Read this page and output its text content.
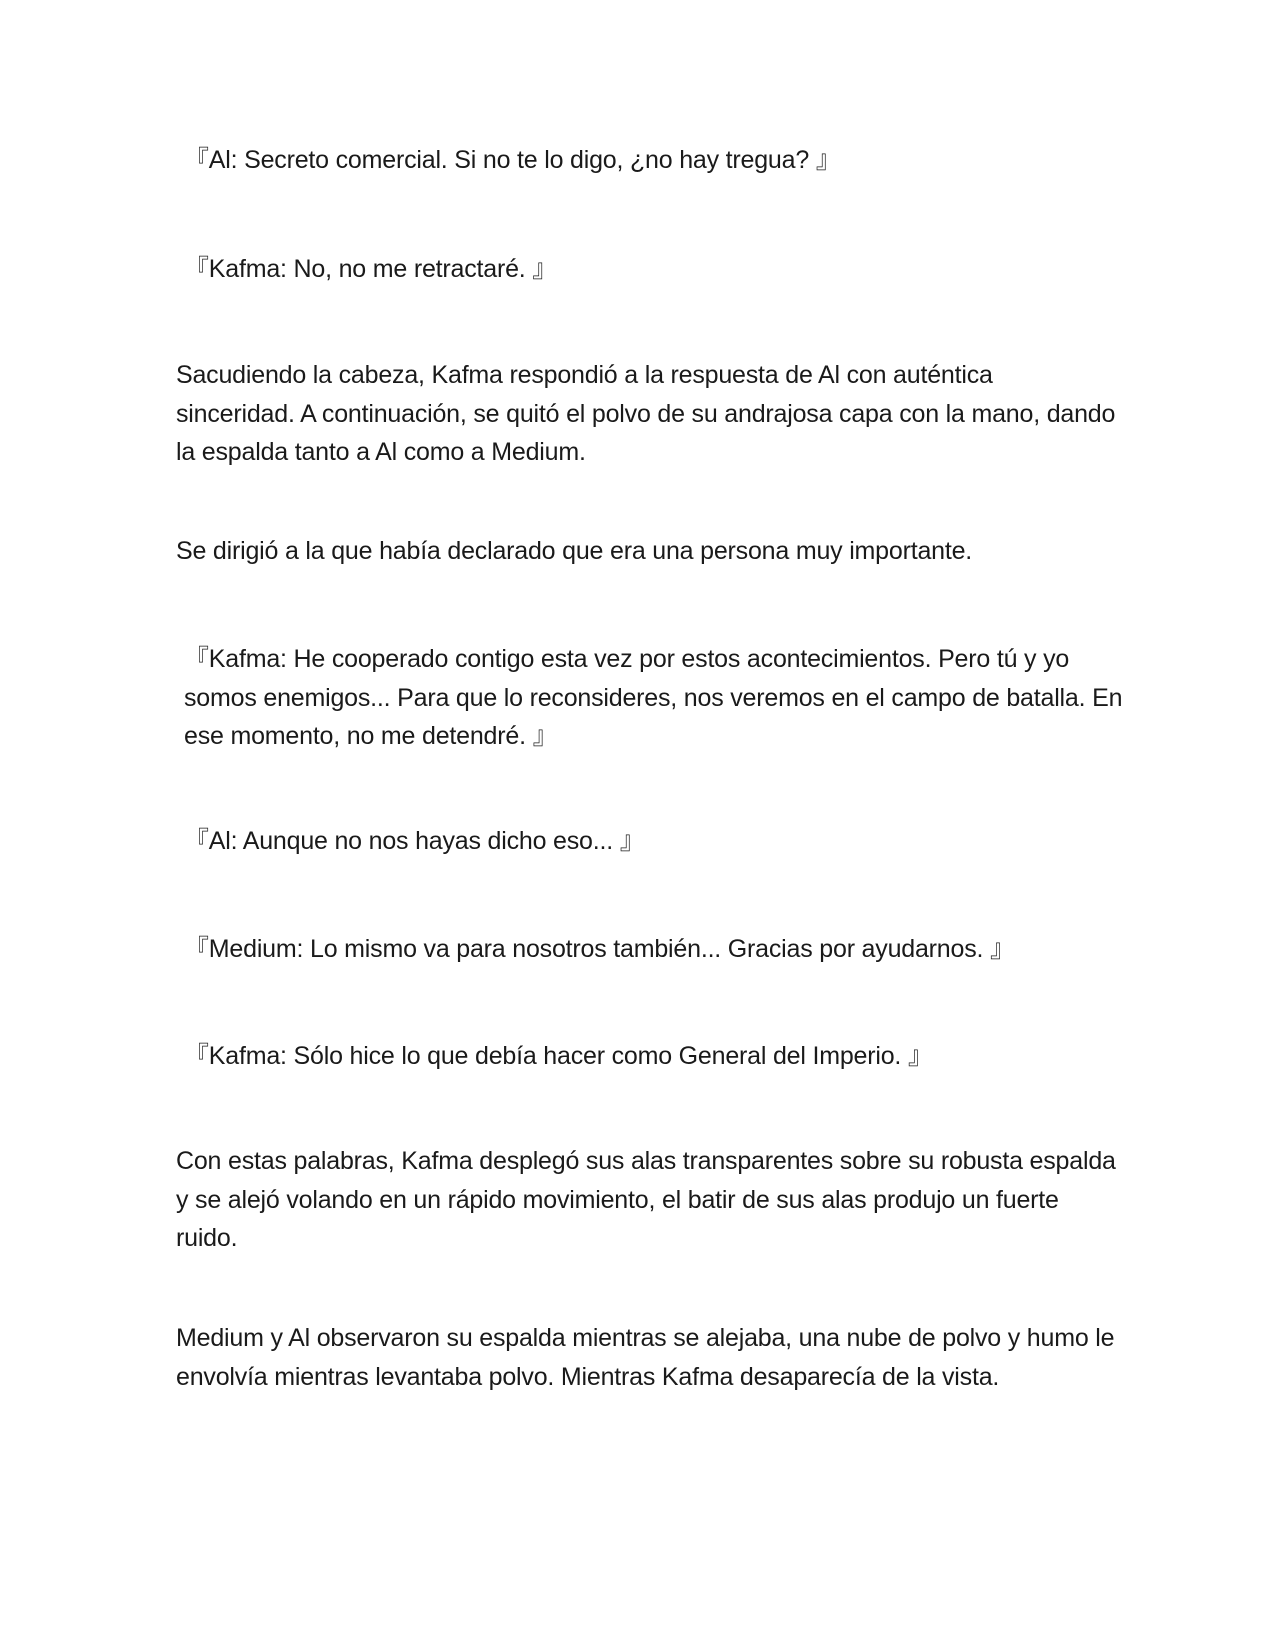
『Al: Secreto comercial. Si no te lo digo, ¿no hay tregua? 』
『Kafma: No, no me retractaré. 』
Sacudiendo la cabeza, Kafma respondió a la respuesta de Al con auténtica sinceridad. A continuación, se quitó el polvo de su andrajosa capa con la mano, dando la espalda tanto a Al como a Medium.
Se dirigió a la que había declarado que era una persona muy importante.
『Kafma: He cooperado contigo esta vez por estos acontecimientos. Pero tú y yo somos enemigos... Para que lo reconsideres, nos veremos en el campo de batalla. En ese momento, no me detendré. 』
『Al: Aunque no nos hayas dicho eso... 』
『Medium: Lo mismo va para nosotros también... Gracias por ayudarnos. 』
『Kafma: Sólo hice lo que debía hacer como General del Imperio. 』
Con estas palabras, Kafma desplegó sus alas transparentes sobre su robusta espalda y se alejó volando en un rápido movimiento, el batir de sus alas produjo un fuerte ruido.
Medium y Al observaron su espalda mientras se alejaba, una nube de polvo y humo le envolvía mientras levantaba polvo. Mientras Kafma desaparecía de la vista.
